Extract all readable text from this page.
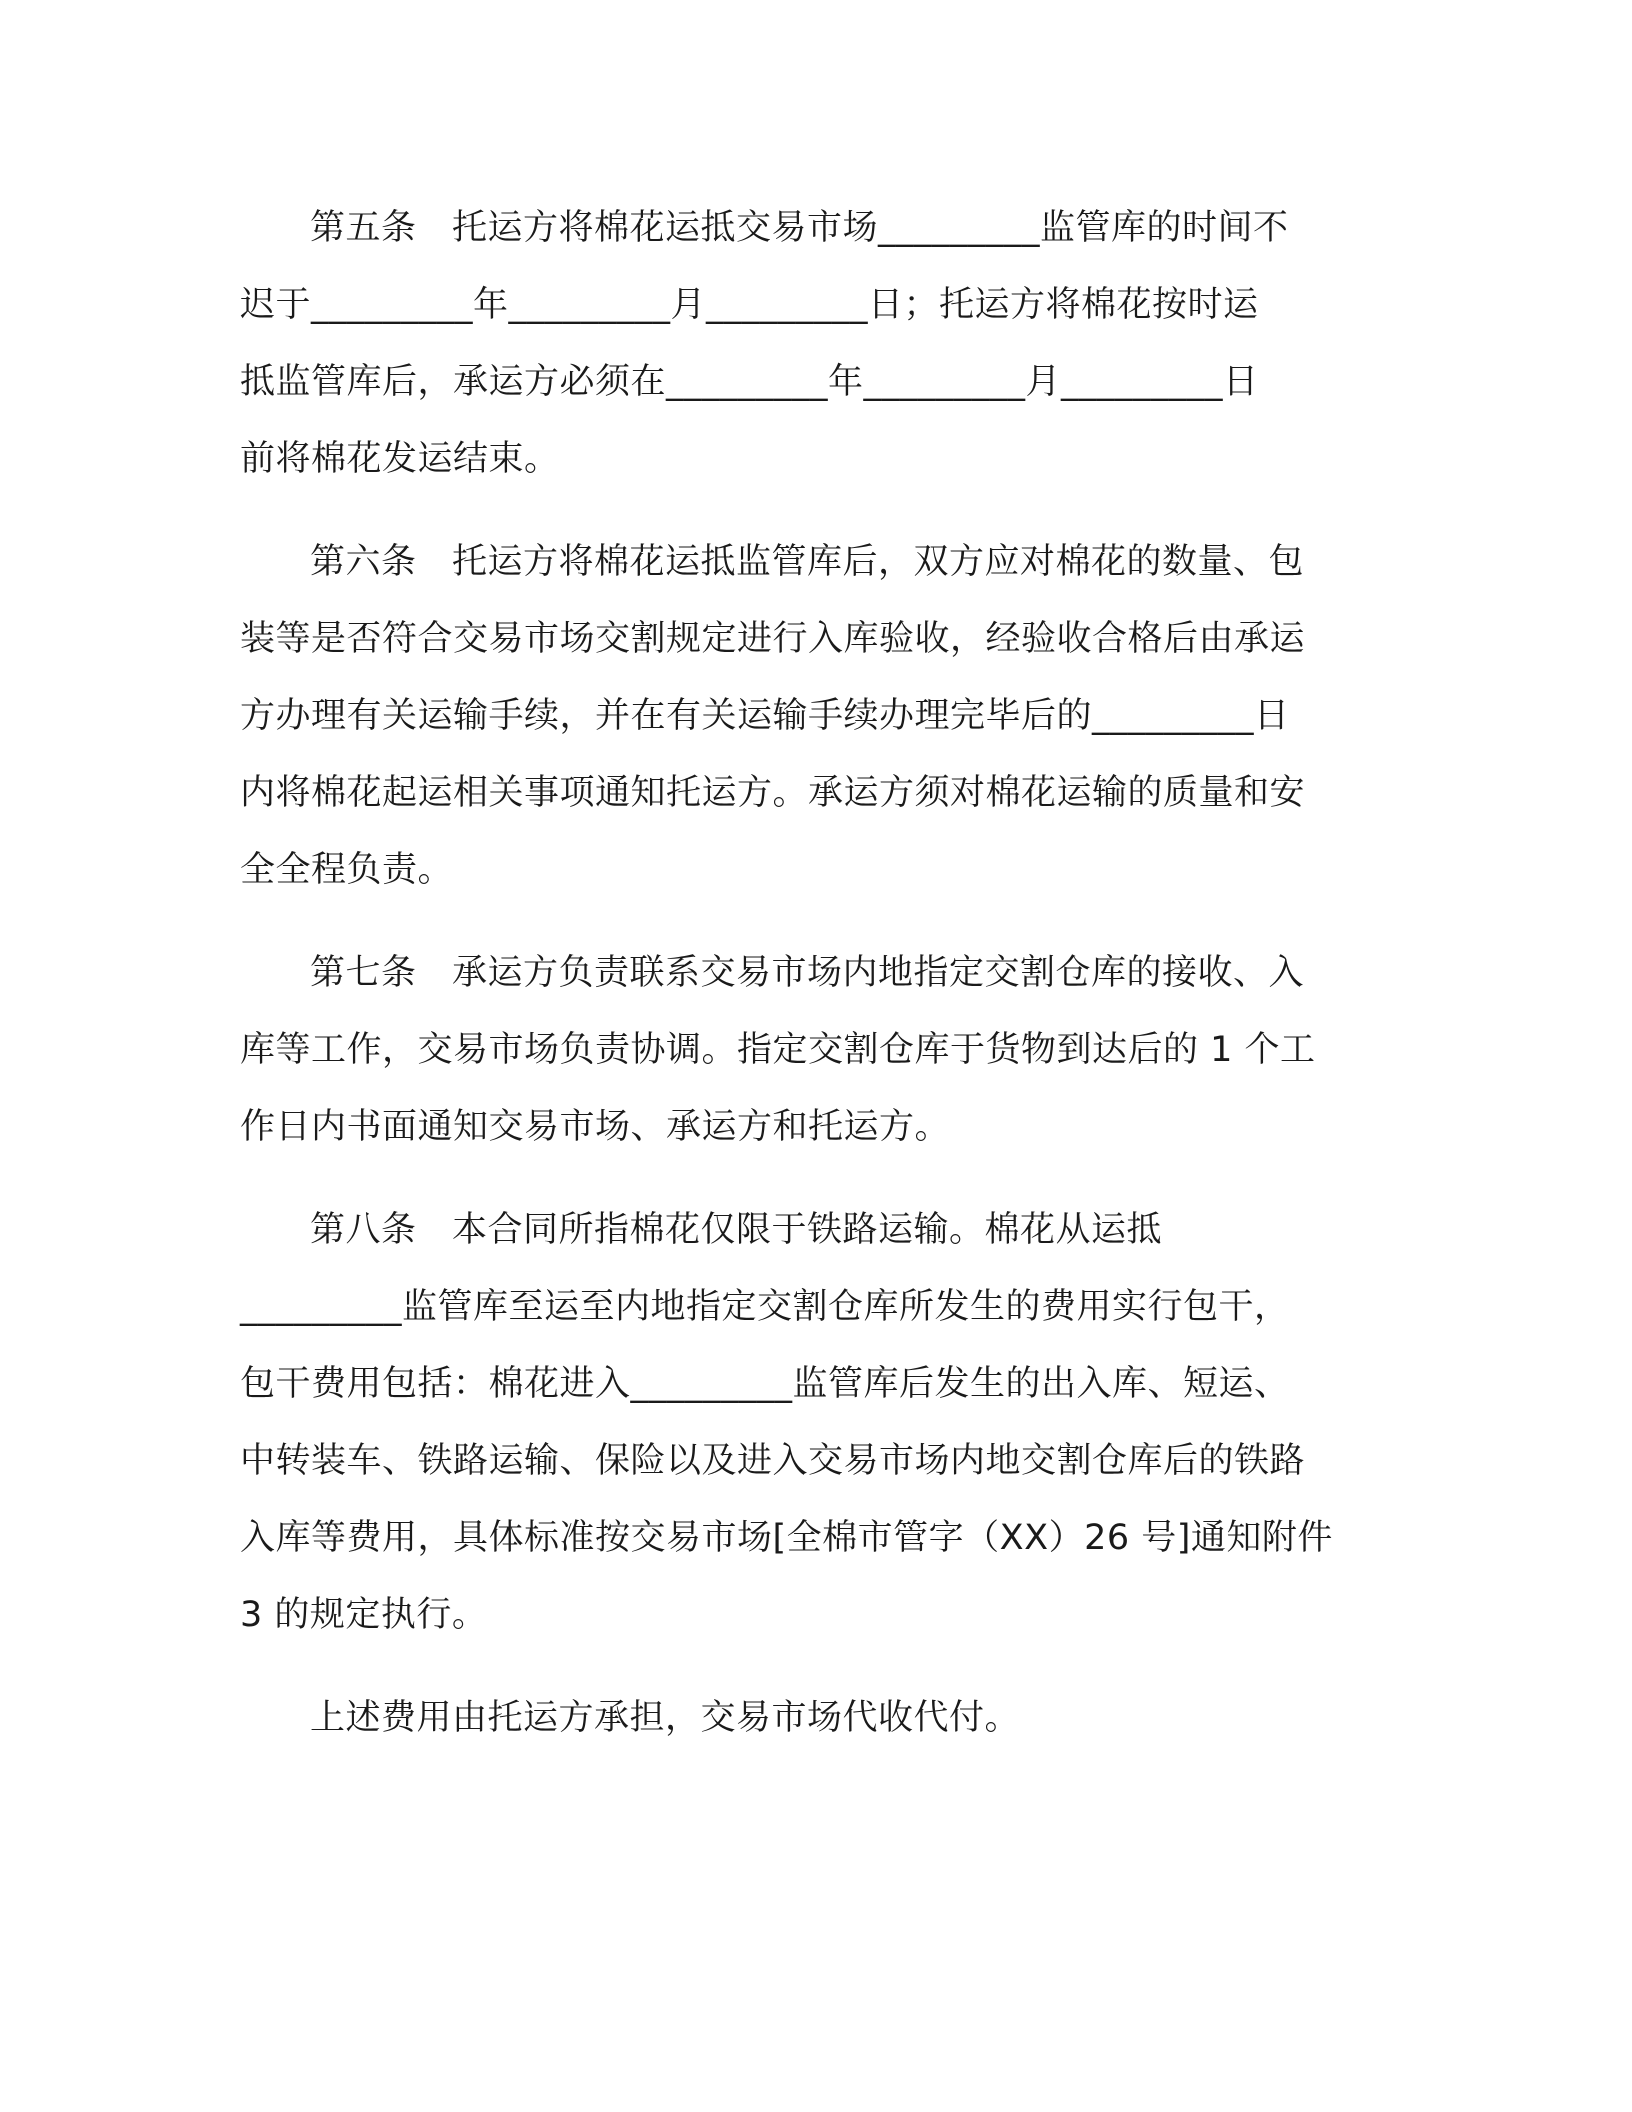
第五条　托运方将棉花运抵交易市场_________监管库的时间不
迟于_________年_________月_________日；托运方将棉花按时运
抵监管库后，承运方必须在_________年_________月_________日
前将棉花发运结束。

第六条　托运方将棉花运抵监管库后，双方应对棉花的数量、包
装等是否符合交易市场交割规定进行入库验收，经验收合格后由承运
方办理有关运输手续，并在有关运输手续办理完毕后的_________日
内将棉花起运相关事项通知托运方。承运方须对棉花运输的质量和安
全全程负责。

第七条　承运方负责联系交易市场内地指定交割仓库的接收、入
库等工作，交易市场负责协调。指定交割仓库于货物到达后的 1 个工
作日内书面通知交易市场、承运方和托运方。

第八条　本合同所指棉花仅限于铁路运输。棉花从运抵
_________监管库至运至内地指定交割仓库所发生的费用实行包干，
包干费用包括：棉花进入_________监管库后发生的出入库、短运、
中转装车、铁路运输、保险以及进入交易市场内地交割仓库后的铁路
入库等费用，具体标准按交易市场[全棉市管字（XX）26 号]通知附件
3 的规定执行。

上述费用由托运方承担，交易市场代收代付。
